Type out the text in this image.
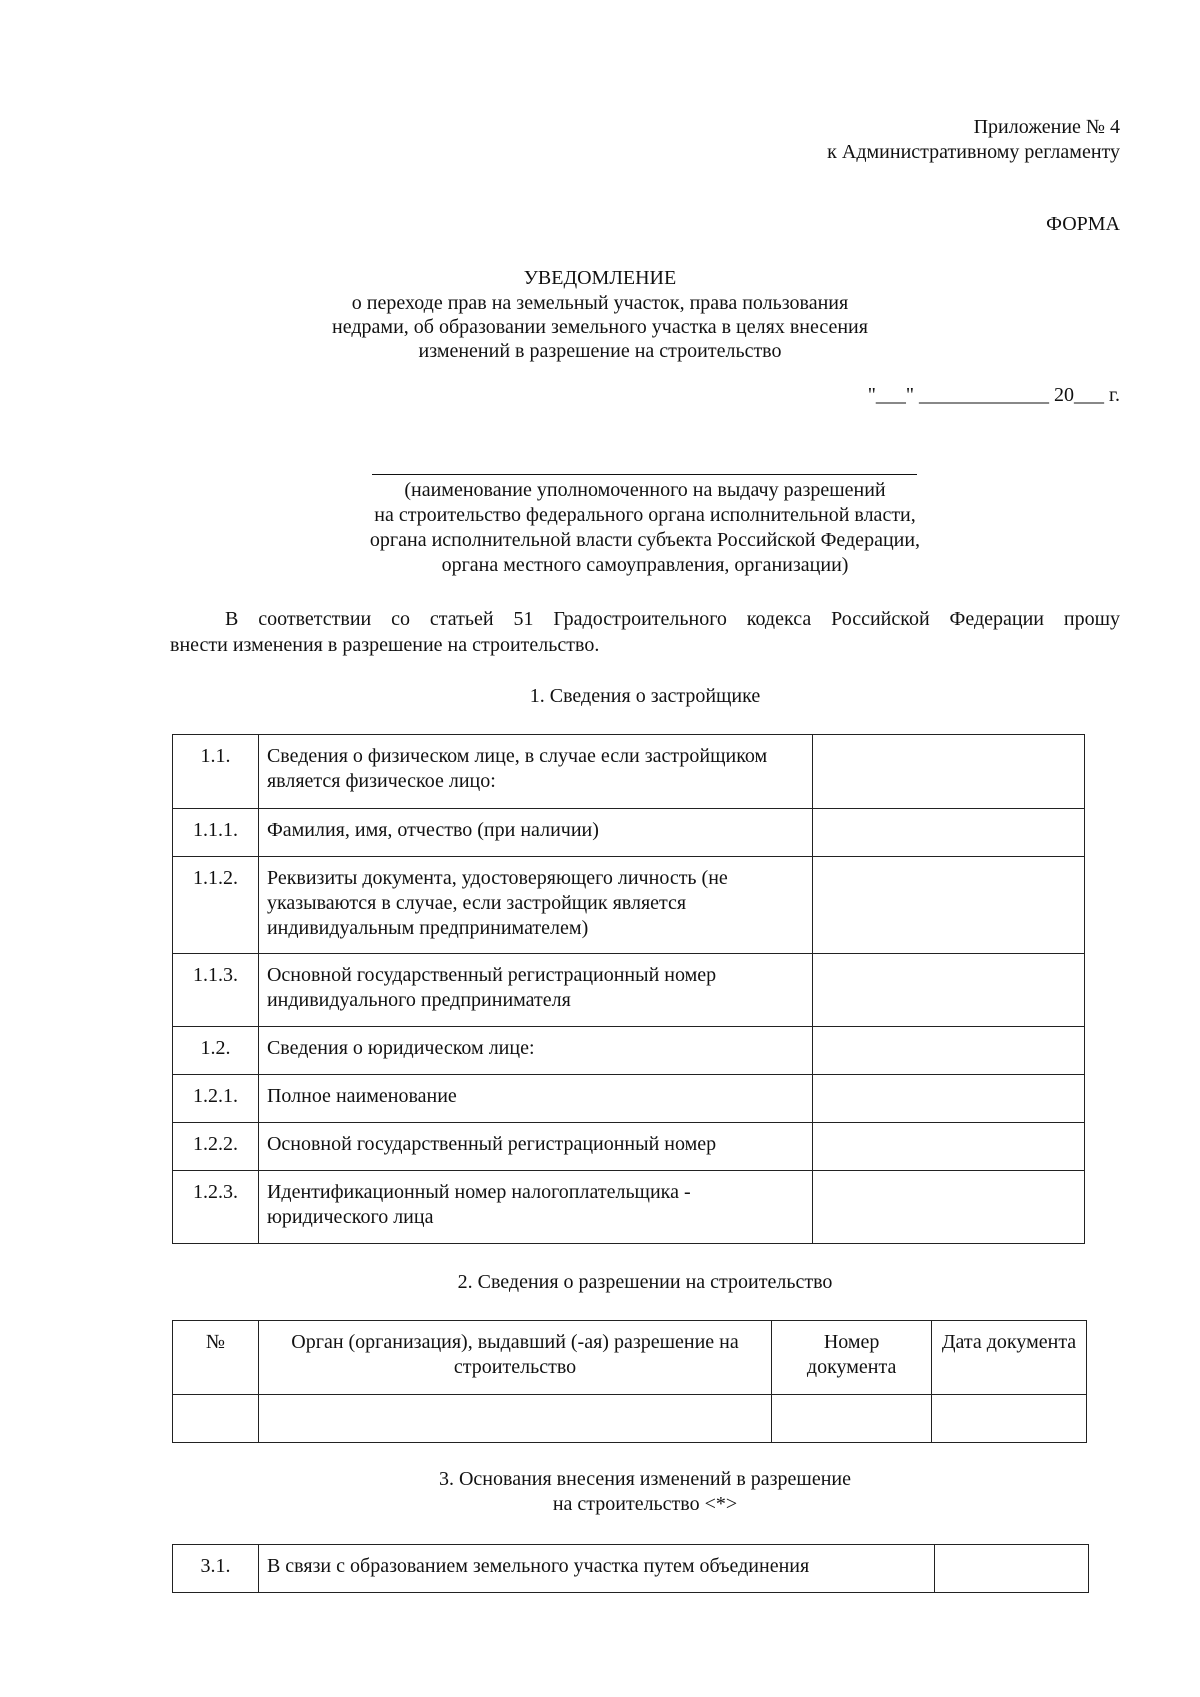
Приложение № 4
к Административному регламенту
ФОРМА
УВЕДОМЛЕНИЕ
о переходе прав на земельный участок, права пользования
недрами, об образовании земельного участка в целях внесения
изменений в разрешение на строительство
"___" _____________ 20___ г.
(наименование уполномоченного на выдачу разрешений
на строительство федерального органа исполнительной власти,
органа исполнительной власти субъекта Российской Федерации,
органа местного самоуправления, организации)
В соответствии со статьей 51 Градостроительного кодекса Российской Федерации прошу
внести изменения в разрешение на строительство.
1. Сведения о застройщике
1.1.	Сведения о физическом лице, в случае если застройщиком является физическое лицо:	
1.1.1.	Фамилия, имя, отчество (при наличии)	
1.1.2.	Реквизиты документа, удостоверяющего личность (не указываются в случае, если застройщик является индивидуальным предпринимателем)	
1.1.3.	Основной государственный регистрационный номер индивидуального предпринимателя	
1.2.	Сведения о юридическом лице:	
1.2.1.	Полное наименование	
1.2.2.	Основной государственный регистрационный номер	
1.2.3.	Идентификационный номер налогоплательщика - юридического лица	
2. Сведения о разрешении на строительство
№	Орган (организация), выдавший (-ая) разрешение на строительство	Номер документа	Дата документа

3. Основания внесения изменений в разрешение
на строительство <*>
3.1.	В связи с образованием земельного участка путем объединения	
